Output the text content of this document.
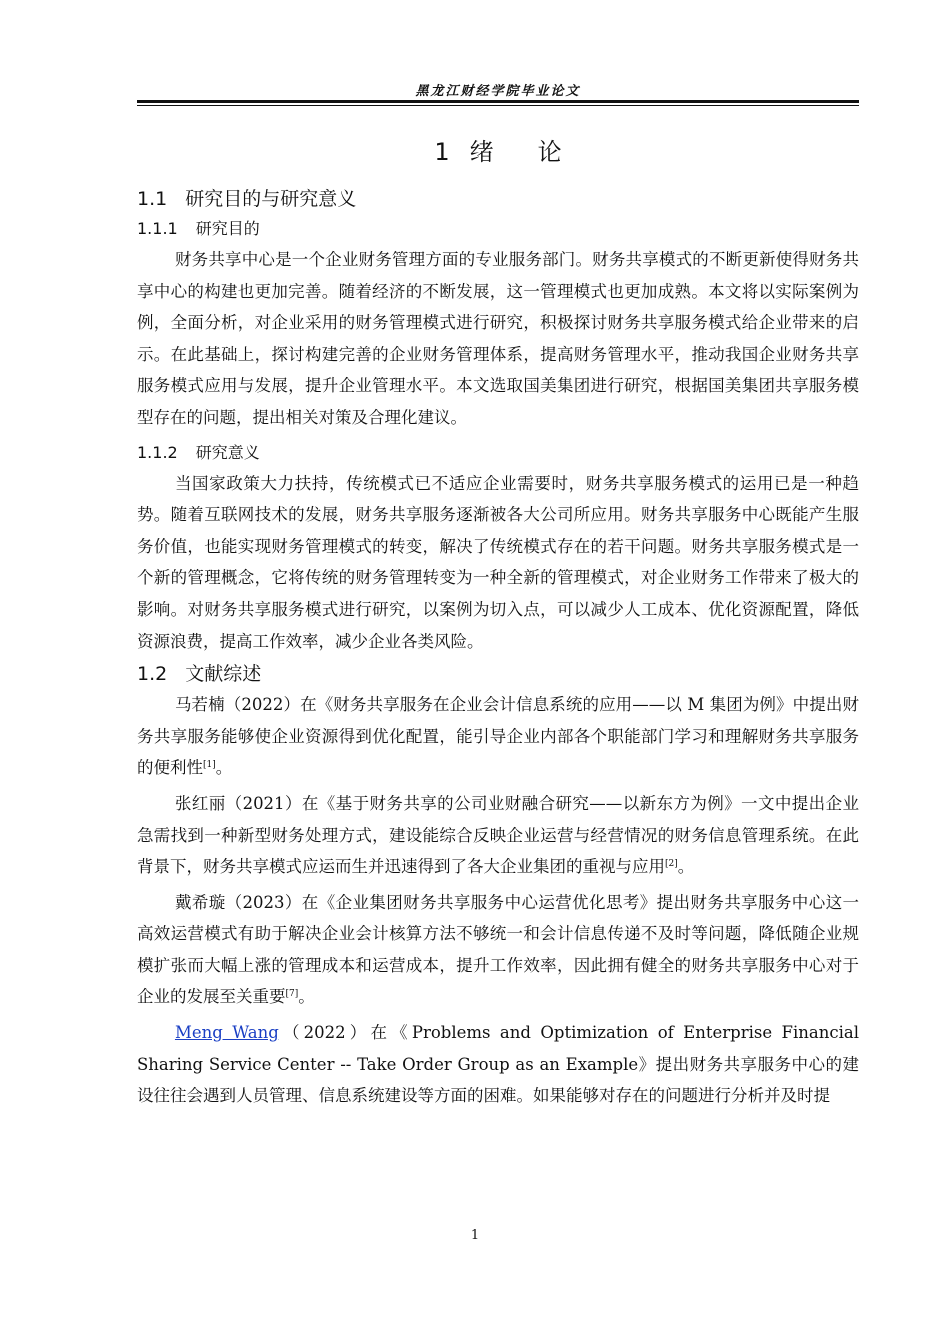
黑龙江财经学院毕业论文
1 绪 论
1.1 研究目的与研究意义
1.1.1 研究目的

财务共享中心是一个企业财务管理方面的专业服务部门。财务共享模式的不断更新使得财务共享中心的构建也更加完善。随着经济的不断发展，这一管理模式也更加成熟。本文将以实际案例为例，全面分析，对企业采用的财务管理模式进行研究，积极探讨财务共享服务模式给企业带来的启示。在此基础上，探讨构建完善的企业财务管理体系，提高财务管理水平，推动我国企业财务共享服务模式应用与发展，提升企业管理水平。本文选取国美集团进行研究，根据国美集团共享服务模型存在的问题，提出相关对策及合理化建议。

1.1.2 研究意义

当国家政策大力扶持，传统模式已不适应企业需要时，财务共享服务模式的运用已是一种趋势。随着互联网技术的发展，财务共享服务逐渐被各大公司所应用。财务共享服务中心既能产生服务价值，也能实现财务管理模式的转变，解决了传统模式存在的若干问题。财务共享服务模式是一个新的管理概念，它将传统的财务管理转变为一种全新的管理模式，对企业财务工作带来了极大的影响。对财务共享服务模式进行研究，以案例为切入点，可以减少人工成本、优化资源配置，降低资源浪费，提高工作效率，减少企业各类风险。

1.2 文献综述

马若楠（2022）在《财务共享服务在企业会计信息系统的应用——以 M 集团为例》中提出财务共享服务能够使企业资源得到优化配置，能引导企业内部各个职能部门学习和理解财务共享服务的便利性[1]。

张红丽（2021）在《基于财务共享的公司业财融合研究——以新东方为例》一文中提出企业急需找到一种新型财务处理方式，建设能综合反映企业运营与经营情况的财务信息管理系统。在此背景下，财务共享模式应运而生并迅速得到了各大企业集团的重视与应用[2]。

戴希璇（2023）在《企业集团财务共享服务中心运营优化思考》提出财务共享服务中心这一高效运营模式有助于解决企业会计核算方法不够统一和会计信息传递不及时等问题，降低随企业规模扩张而大幅上涨的管理成本和运营成本，提升工作效率，因此拥有健全的财务共享服务中心对于企业的发展至关重要[7]。

Meng Wang（2022）在《Problems and Optimization of Enterprise Financial Sharing Service Center -- Take Order Group as an Example》提出财务共享服务中心的建设往往会遇到人员管理、信息系统建设等方面的困难。如果能够对存在的问题进行分析并及时提

1
